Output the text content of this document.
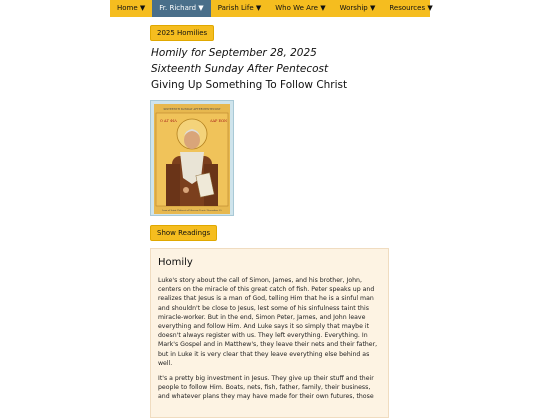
Home ▼	Fr. Richard ▼	Parish Life ▼	Who We Are ▼	Worship ▼	Resources ▼
2025 Homilies
Homily for September 28, 2025
Sixteenth Sunday After Pentecost
Giving Up Something To Follow Christ
SIXTEENTH SUNDAY AFTER PENTECOST
Ο ΑΓ ΦΙΛ	ΛΑΡ ΕΩΝ
Icon of Saint Philaret of Moscow Feast: November 19
Show Readings
Homily

Luke's story about the call of Simon, James, and his brother, John, centers on the miracle of this great catch of fish. Peter speaks up and realizes that Jesus is a man of God, telling Him that he is a sinful man and shouldn't be close to Jesus, lest some of his sinfulness taint this miracle-worker. But in the end, Simon Peter, James, and John leave everything and follow Him. And Luke says it so simply that maybe it doesn't always register with us. They left everything. Everything. In Mark's Gospel and in Matthew's, they leave their nets and their father, but in Luke it is very clear that they leave everything else behind as well.

It's a pretty big investment in Jesus. They give up their stuff and their people to follow Him. Boats, nets, fish, father, family, their business, and whatever plans they may have made for their own futures, those
